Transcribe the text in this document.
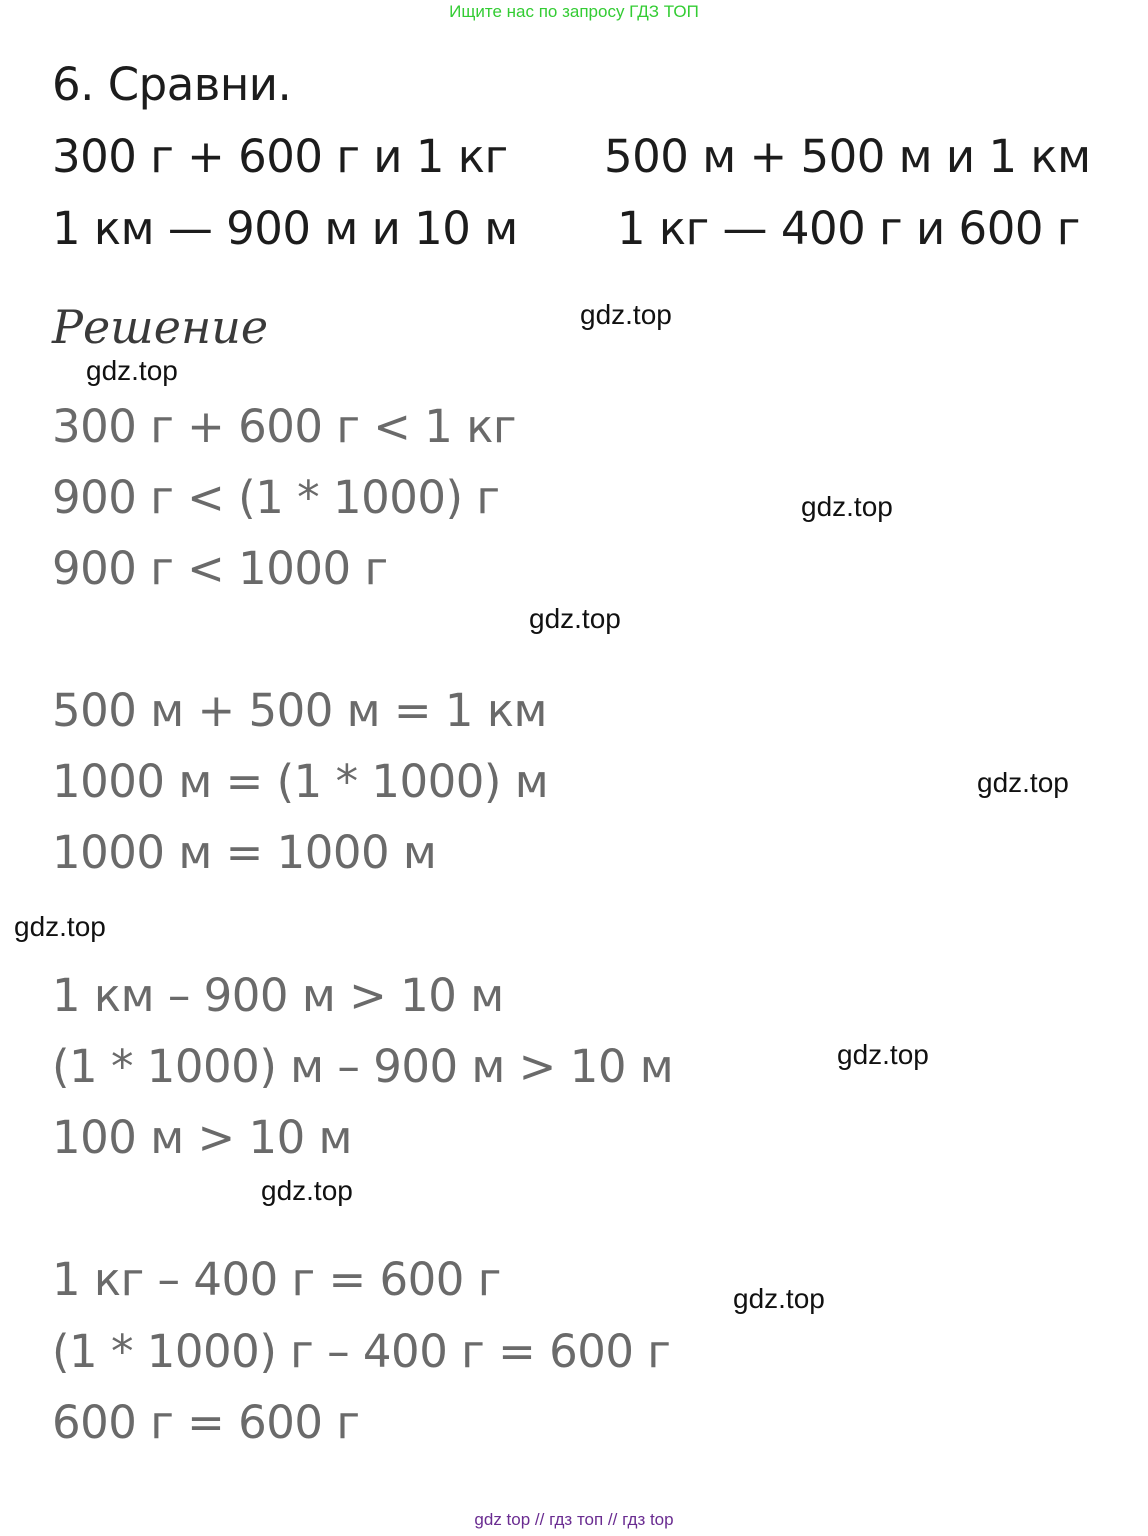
Ищите нас по запросу ГДЗ ТОП
6. Сравни.
300 г + 600 г и 1 кг 500 м + 500 м и 1 км
1 км — 900 м и 10 м 1 кг — 400 г и 600 г
Решение
300 г + 600 г < 1 кг
900 г < (1 * 1000) г
900 г < 1000 г
500 м + 500 м = 1 км
1000 м = (1 * 1000) м
1000 м = 1000 м
1 км – 900 м > 10 м
(1 * 1000) м – 900 м > 10 м
100 м > 10 м
1 кг – 400 г = 600 г
(1 * 1000) г – 400 г = 600 г
600 г = 600 г
gdz.top
gdz.top
gdz.top
gdz.top
gdz.top
gdz.top
gdz.top
gdz.top
gdz.top
gdz top // гдз топ // гдз top
